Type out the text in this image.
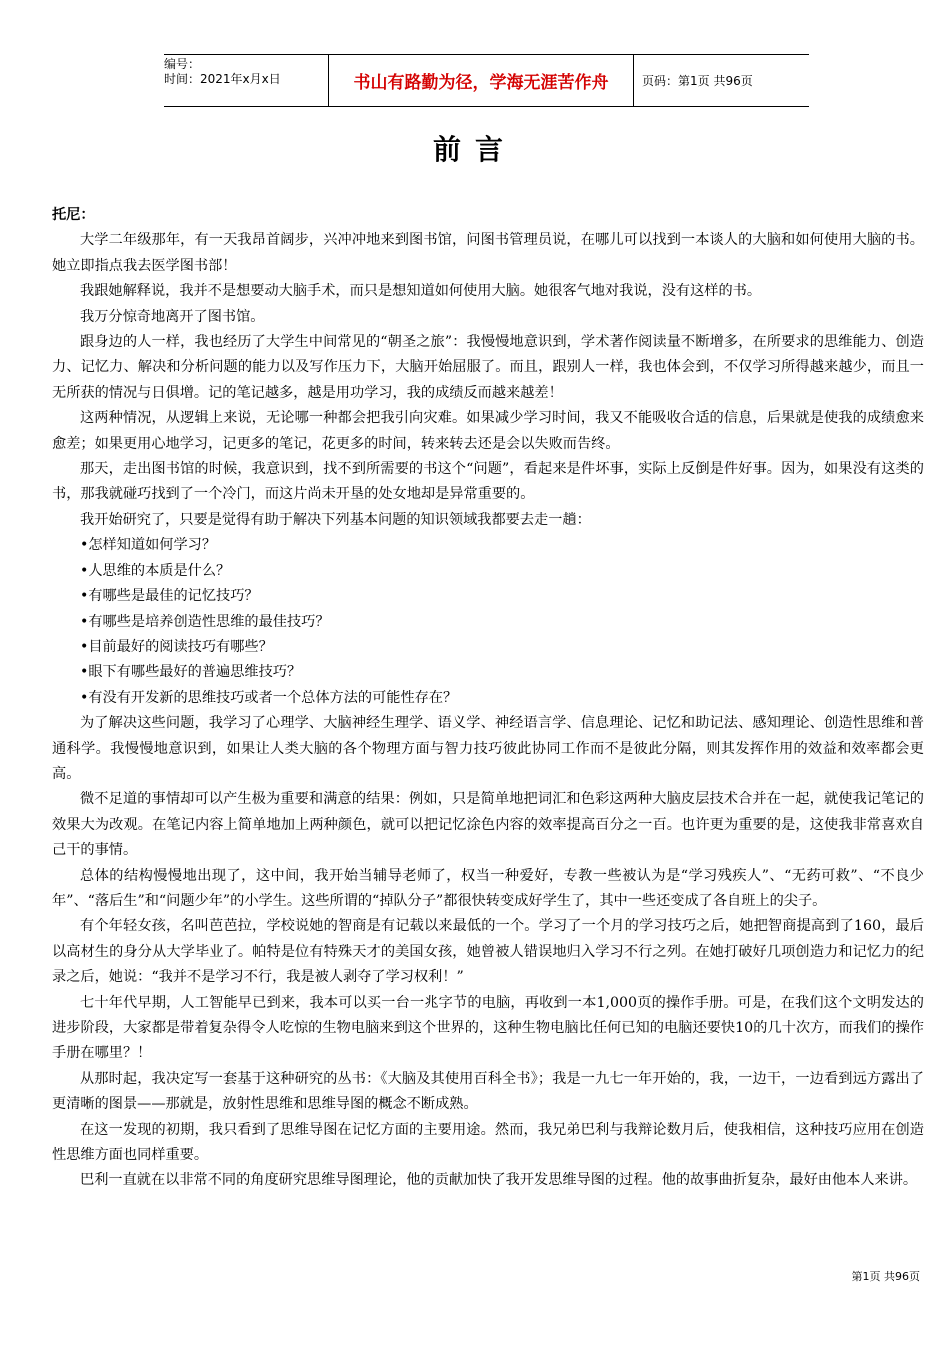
编号：
时间：2021年x月x日	书山有路勤为径，学海无涯苦作舟	页码：第1页 共96页
前言

托尼：

大学二年级那年，有一天我昂首阔步，兴冲冲地来到图书馆，问图书管理员说，在哪儿可以找到一本谈人的大脑和如何使用大脑的书。她立即指点我去医学图书部！

我跟她解释说，我并不是想要动大脑手术，而只是想知道如何使用大脑。她很客气地对我说，没有这样的书。

我万分惊奇地离开了图书馆。

跟身边的人一样，我也经历了大学生中间常见的“朝圣之旅”：我慢慢地意识到，学术著作阅读量不断增多，在所要求的思维能力、创造力、记忆力、解决和分析问题的能力以及写作压力下，大脑开始屈服了。而且，跟别人一样，我也体会到，不仅学习所得越来越少，而且一无所获的情况与日俱增。记的笔记越多，越是用功学习，我的成绩反而越来越差！

这两种情况，从逻辑上来说，无论哪一种都会把我引向灾难。如果减少学习时间，我又不能吸收合适的信息，后果就是使我的成绩愈来愈差；如果更用心地学习，记更多的笔记，花更多的时间，转来转去还是会以失败而告终。

那天，走出图书馆的时候，我意识到，找不到所需要的书这个“问题”，看起来是件坏事，实际上反倒是件好事。因为，如果没有这类的书，那我就碰巧找到了一个冷门，而这片尚未开垦的处女地却是异常重要的。

我开始研究了，只要是觉得有助于解决下列基本问题的知识领域我都要去走一趟：

•怎样知道如何学习？

•人思维的本质是什么？

•有哪些是最佳的记忆技巧？

•有哪些是培养创造性思维的最佳技巧？

•目前最好的阅读技巧有哪些？

•眼下有哪些最好的普遍思维技巧？

•有没有开发新的思维技巧或者一个总体方法的可能性存在？

为了解决这些问题，我学习了心理学、大脑神经生理学、语义学、神经语言学、信息理论、记忆和助记法、感知理论、创造性思维和普通科学。我慢慢地意识到，如果让人类大脑的各个物理方面与智力技巧彼此协同工作而不是彼此分隔，则其发挥作用的效益和效率都会更高。

微不足道的事情却可以产生极为重要和满意的结果：例如，只是简单地把词汇和色彩这两种大脑皮层技术合并在一起，就使我记笔记的效果大为改观。在笔记内容上简单地加上两种颜色，就可以把记忆涂色内容的效率提高百分之一百。也许更为重要的是，这使我非常喜欢自己干的事情。

总体的结构慢慢地出现了，这中间，我开始当辅导老师了，权当一种爱好，专教一些被认为是“学习残疾人”、“无药可救”、“不良少年”、“落后生”和“问题少年”的小学生。这些所谓的“掉队分子”都很快转变成好学生了，其中一些还变成了各自班上的尖子。

有个年轻女孩，名叫芭芭拉，学校说她的智商是有记载以来最低的一个。学习了一个月的学习技巧之后，她把智商提高到了160，最后以高材生的身分从大学毕业了。帕特是位有特殊天才的美国女孩，她曾被人错误地归入学习不行之列。在她打破好几项创造力和记忆力的纪录之后，她说：“我并不是学习不行，我是被人剥夺了学习权利！”

七十年代早期，人工智能早已到来，我本可以买一台一兆字节的电脑，再收到一本1,000页的操作手册。可是，在我们这个文明发达的进步阶段，大家都是带着复杂得令人吃惊的生物电脑来到这个世界的，这种生物电脑比任何已知的电脑还要快10的几十次方，而我们的操作手册在哪里？！

从那时起，我决定写一套基于这种研究的丛书：《大脑及其使用百科全书》；我是一九七一年开始的，我，一边干，一边看到远方露出了更清晰的图景——那就是，放射性思维和思维导图的概念不断成熟。

在这一发现的初期，我只看到了思维导图在记忆方面的主要用途。然而，我兄弟巴利与我辩论数月后，使我相信，这种技巧应用在创造性思维方面也同样重要。

巴利一直就在以非常不同的角度研究思维导图理论，他的贡献加快了我开发思维导图的过程。他的故事曲折复杂，最好由他本人来讲。

第1页 共96页
